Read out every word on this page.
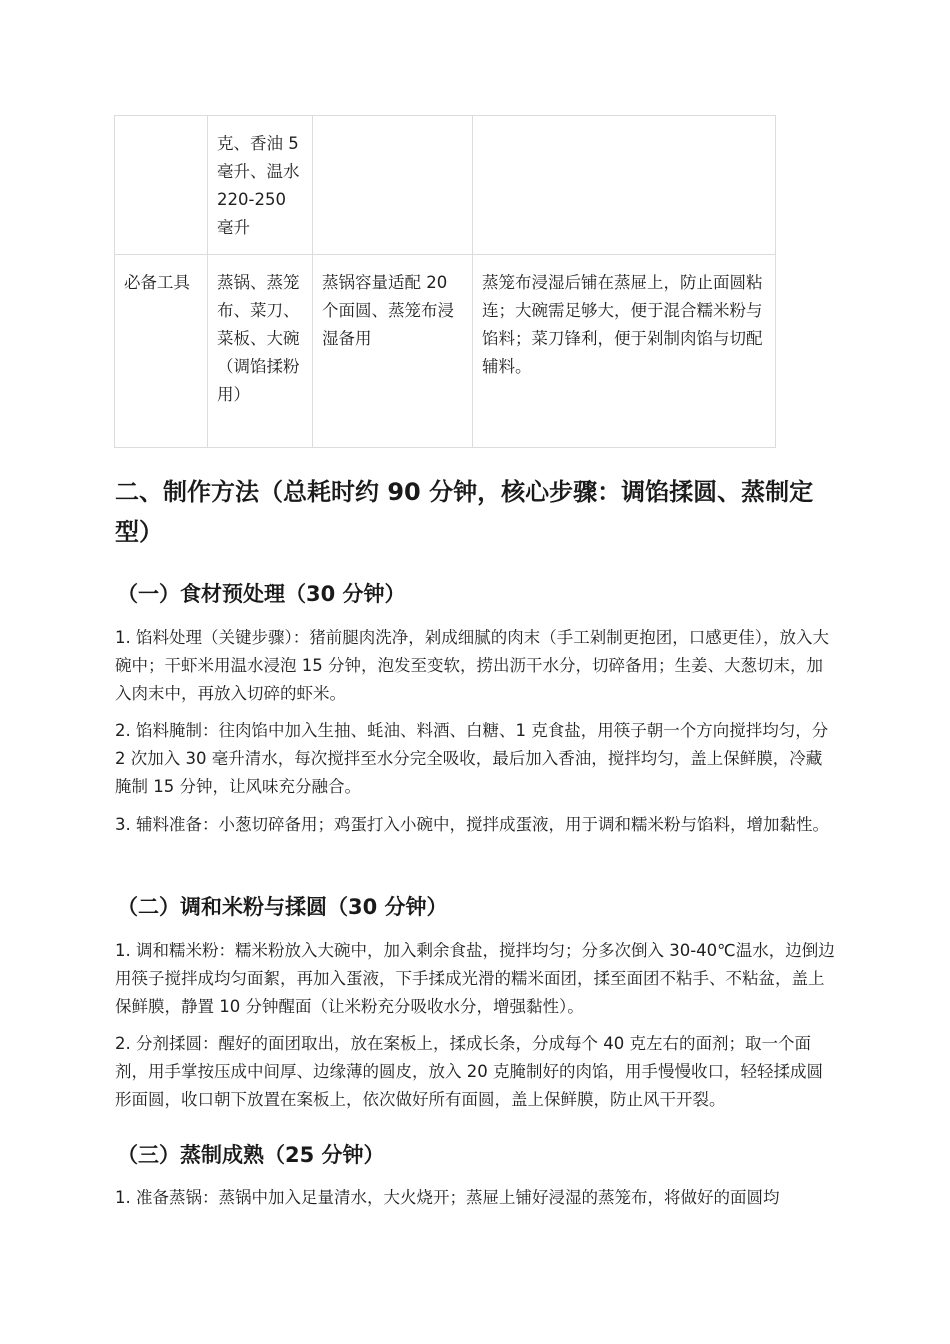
	克、香油 5 毫升、温水 220-250 毫升		
必备工具	蒸锅、蒸笼布、菜刀、菜板、大碗（调馅揉粉用）	蒸锅容量适配 20 个面圆、蒸笼布浸湿备用	蒸笼布浸湿后铺在蒸屉上，防止面圆粘连；大碗需足够大，便于混合糯米粉与馅料；菜刀锋利，便于剁制肉馅与切配辅料。
二、制作方法（总耗时约 90 分钟，核心步骤：调馅揉圆、蒸制定型）
（一）食材预处理（30 分钟）

1. 馅料处理（关键步骤）：猪前腿肉洗净，剁成细腻的肉末（手工剁制更抱团，口感更佳），放入大碗中；干虾米用温水浸泡 15 分钟，泡发至变软，捞出沥干水分，切碎备用；生姜、大葱切末，加入肉末中，再放入切碎的虾米。

2. 馅料腌制：往肉馅中加入生抽、蚝油、料酒、白糖、1 克食盐，用筷子朝一个方向搅拌均匀，分 2 次加入 30 毫升清水，每次搅拌至水分完全吸收，最后加入香油，搅拌均匀，盖上保鲜膜，冷藏腌制 15 分钟，让风味充分融合。

3. 辅料准备：小葱切碎备用；鸡蛋打入小碗中，搅拌成蛋液，用于调和糯米粉与馅料，增加黏性。

（二）调和米粉与揉圆（30 分钟）

1. 调和糯米粉：糯米粉放入大碗中，加入剩余食盐，搅拌均匀；分多次倒入 30-40℃温水，边倒边用筷子搅拌成均匀面絮，再加入蛋液，下手揉成光滑的糯米面团，揉至面团不粘手、不粘盆，盖上保鲜膜，静置 10 分钟醒面（让米粉充分吸收水分，增强黏性）。

2. 分剂揉圆：醒好的面团取出，放在案板上，揉成长条，分成每个 40 克左右的面剂；取一个面剂，用手掌按压成中间厚、边缘薄的圆皮，放入 20 克腌制好的肉馅，用手慢慢收口，轻轻揉成圆形面圆，收口朝下放置在案板上，依次做好所有面圆，盖上保鲜膜，防止风干开裂。

（三）蒸制成熟（25 分钟）

1. 准备蒸锅：蒸锅中加入足量清水，大火烧开；蒸屉上铺好浸湿的蒸笼布，将做好的面圆均
